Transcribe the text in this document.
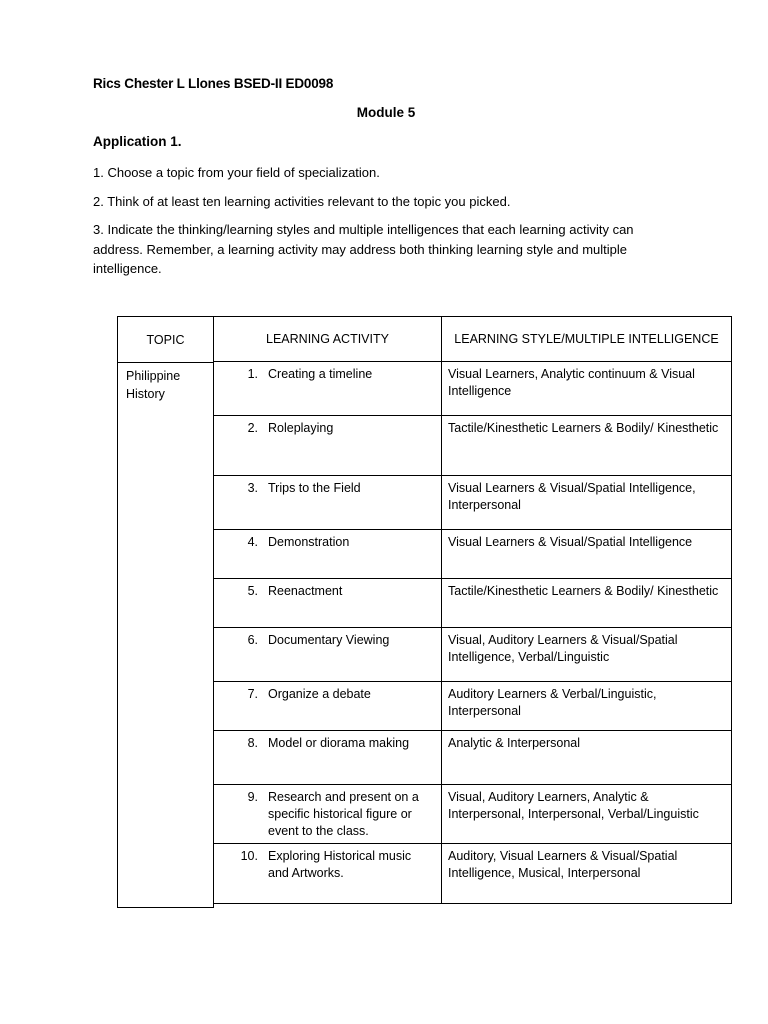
Rics Chester L Llones BSED-II ED0098
Module 5
Application 1.
1. Choose a topic from your field of specialization.
2. Think of at least ten learning activities relevant to the topic you picked.
3. Indicate the thinking/learning styles and multiple intelligences that each learning activity can address. Remember, a learning activity may address both thinking learning style and multiple intelligence.
TOPIC
Philippine History
LEARNING ACTIVITY	LEARNING STYLE/MULTIPLE INTELLIGENCE

1. Creating a timeline	Visual Learners, Analytic continuum & Visual Intelligence

2. Roleplaying	Tactile/Kinesthetic Learners & Bodily/ Kinesthetic

3. Trips to the Field	Visual Learners & Visual/Spatial Intelligence, Interpersonal

4. Demonstration	Visual Learners & Visual/Spatial Intelligence

5. Reenactment	Tactile/Kinesthetic Learners & Bodily/ Kinesthetic

6. Documentary Viewing	Visual, Auditory Learners & Visual/Spatial Intelligence, Verbal/Linguistic

7. Organize a debate	Auditory Learners & Verbal/Linguistic, Interpersonal

8. Model or diorama making	Analytic & Interpersonal

9. Research and present on a specific historical figure or event to the class.	Visual, Auditory Learners, Analytic & Interpersonal, Interpersonal, Verbal/Linguistic

10. Exploring Historical music and Artworks.	Auditory, Visual Learners & Visual/Spatial Intelligence, Musical, Interpersonal
